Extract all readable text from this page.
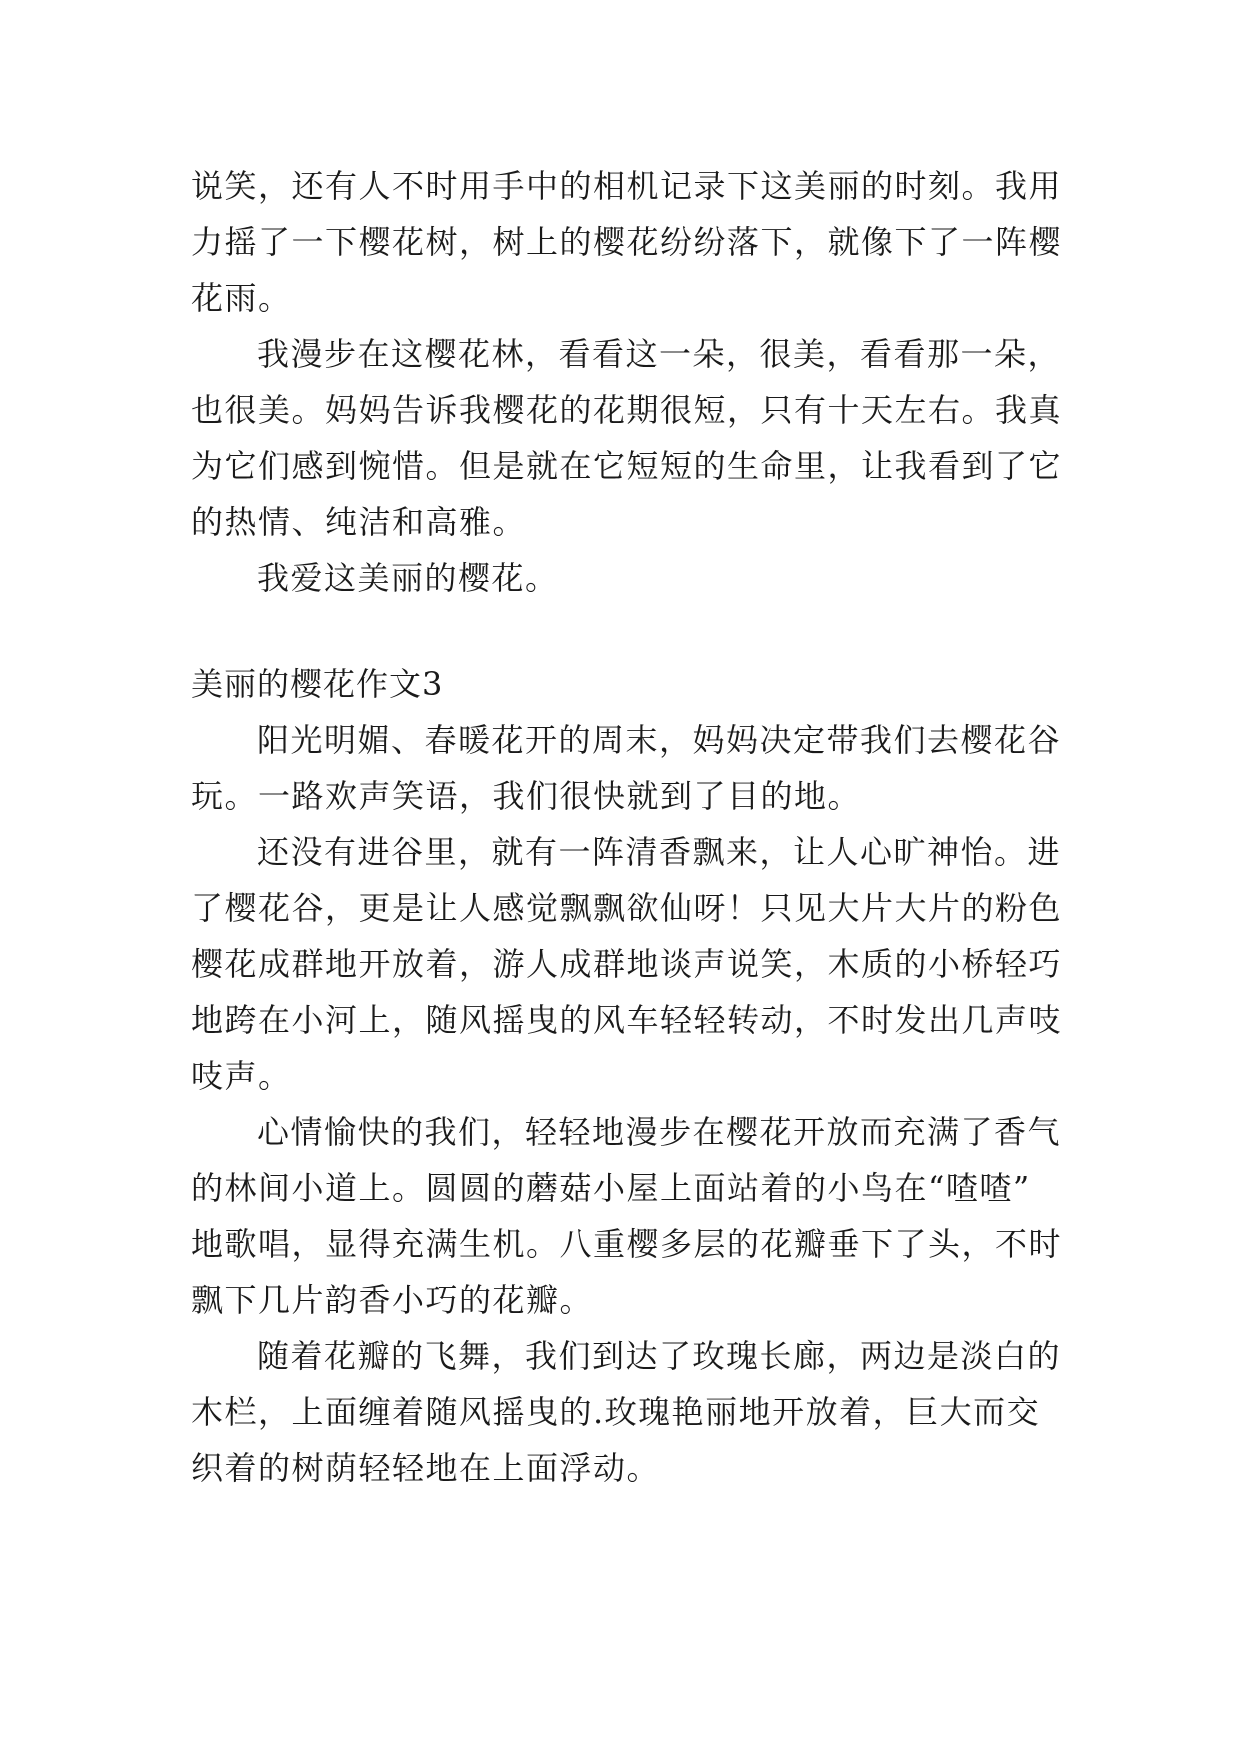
说笑，还有人不时用手中的相机记录下这美丽的时刻。我用
力摇了一下樱花树，树上的樱花纷纷落下，就像下了一阵樱
花雨。
我漫步在这樱花林，看看这一朵，很美，看看那一朵，
也很美。妈妈告诉我樱花的花期很短，只有十天左右。我真
为它们感到惋惜。但是就在它短短的生命里，让我看到了它
的热情、纯洁和高雅。
我爱这美丽的樱花。
美丽的樱花作文3
阳光明媚、春暖花开的周末，妈妈决定带我们去樱花谷
玩。一路欢声笑语，我们很快就到了目的地。
还没有进谷里，就有一阵清香飘来，让人心旷神怡。进
了樱花谷，更是让人感觉飘飘欲仙呀！只见大片大片的粉色
樱花成群地开放着，游人成群地谈声说笑，木质的小桥轻巧
地跨在小河上，随风摇曳的风车轻轻转动，不时发出几声吱
吱声。
心情愉快的我们，轻轻地漫步在樱花开放而充满了香气
的林间小道上。圆圆的蘑菇小屋上面站着的小鸟在“喳喳”
地歌唱，显得充满生机。八重樱多层的花瓣垂下了头，不时
飘下几片韵香小巧的花瓣。
随着花瓣的飞舞，我们到达了玫瑰长廊，两边是淡白的
木栏，上面缠着随风摇曳的.玫瑰艳丽地开放着，巨大而交
织着的树荫轻轻地在上面浮动。
